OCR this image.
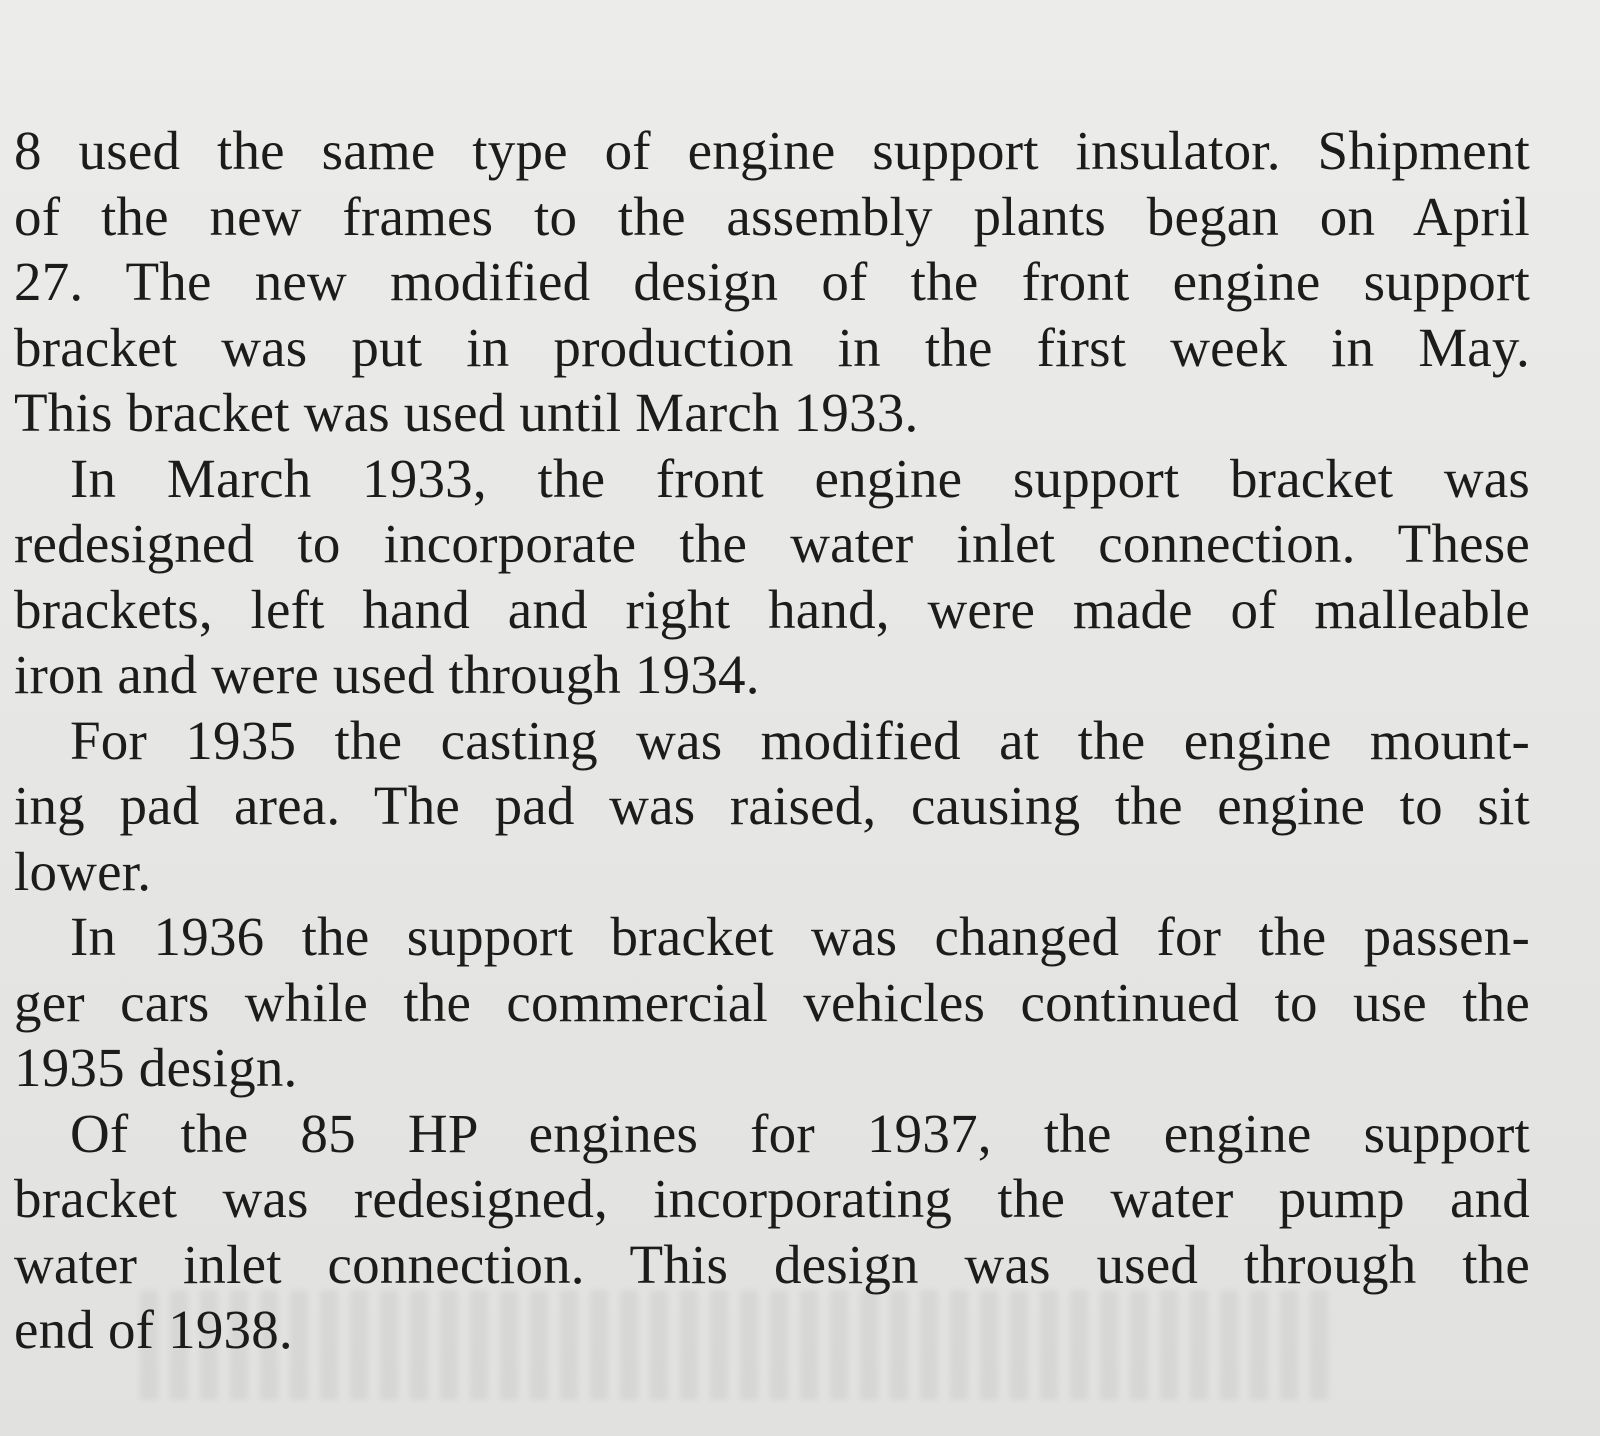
8 used the same type of engine support insulator. Shipment
of the new frames to the assembly plants began on April
27. The new modified design of the front engine support
bracket was put in production in the first week in May.
This bracket was used until March 1933.

In March 1933, the front engine support bracket was
redesigned to incorporate the water inlet connection. These
brackets, left hand and right hand, were made of malleable
iron and were used through 1934.

For 1935 the casting was modified at the engine mount-
ing pad area. The pad was raised, causing the engine to sit
lower.

In 1936 the support bracket was changed for the passen-
ger cars while the commercial vehicles continued to use the
1935 design.

Of the 85 HP engines for 1937, the engine support
bracket was redesigned, incorporating the water pump and
water inlet connection. This design was used through the
end of 1938.
